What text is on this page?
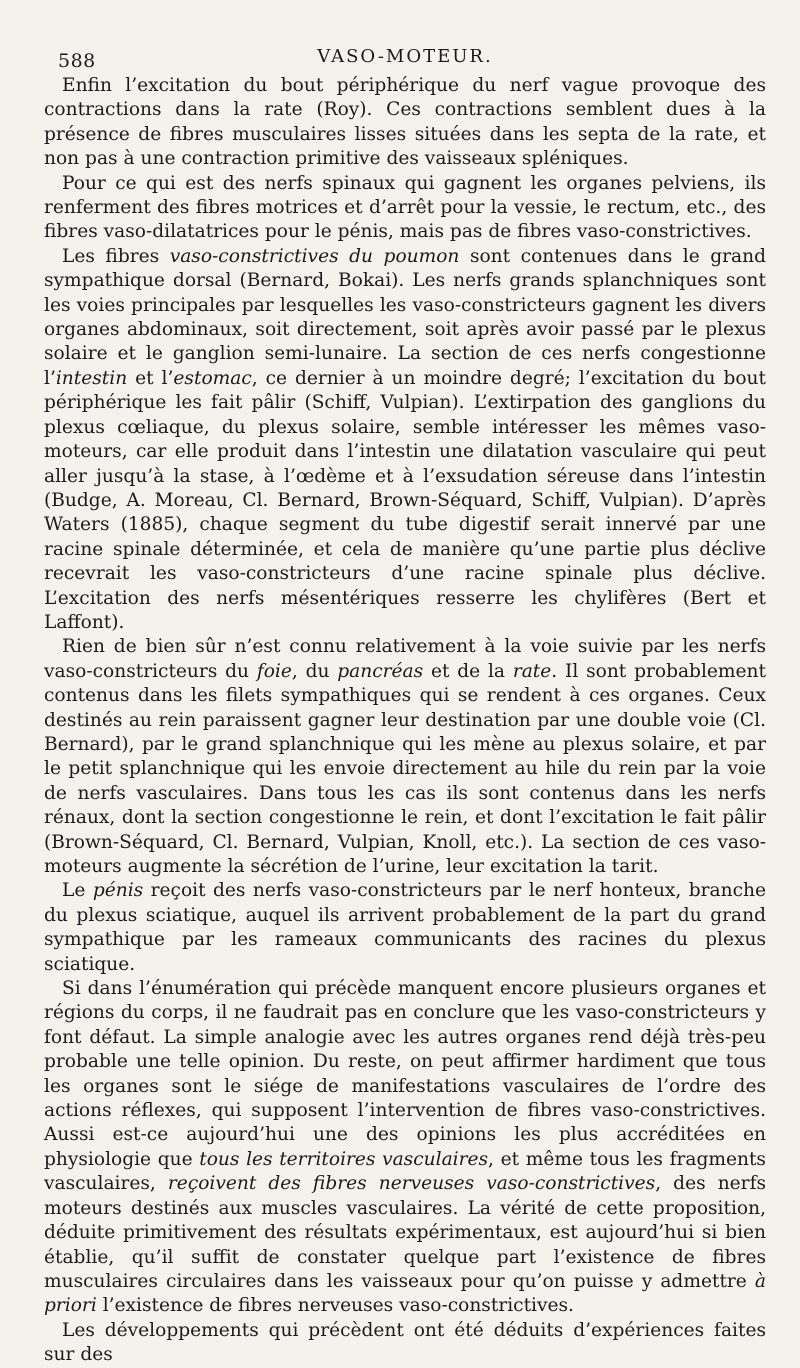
588	VASO-MOTEUR.

Enfin l’excitation du bout périphérique du nerf vague provoque des contractions dans la rate (Roy). Ces contractions semblent dues à la présence de fibres musculaires lisses situées dans les septa de la rate, et non pas à une contraction primitive des vaisseaux spléniques.

Pour ce qui est des nerfs spinaux qui gagnent les organes pelviens, ils renferment des fibres motrices et d’arrêt pour la vessie, le rectum, etc., des fibres vaso-dilatatrices pour le pénis, mais pas de fibres vaso-constrictives.

Les fibres vaso-constrictives du poumon sont contenues dans le grand sympathique dorsal (Bernard, Bokai). Les nerfs grands splanchniques sont les voies principales par lesquelles les vaso-constricteurs gagnent les divers organes abdominaux, soit directement, soit après avoir passé par le plexus solaire et le ganglion semi-lunaire. La section de ces nerfs congestionne l’intestin et l’estomac, ce dernier à un moindre degré; l’excitation du bout périphérique les fait pâlir (Schiff, Vulpian). L’extirpation des ganglions du plexus cœliaque, du plexus solaire, semble intéresser les mêmes vaso-moteurs, car elle produit dans l’intestin une dilatation vasculaire qui peut aller jusqu’à la stase, à l’œdème et à l’exsudation séreuse dans l’intestin (Budge, A. Moreau, Cl. Bernard, Brown-Séquard, Schiff, Vulpian). D’après Waters (1885), chaque segment du tube digestif serait innervé par une racine spinale déterminée, et cela de manière qu’une partie plus déclive recevrait les vaso-constricteurs d’une racine spinale plus déclive. L’excitation des nerfs mésentériques resserre les chylifères (Bert et Laffont).

Rien de bien sûr n’est connu relativement à la voie suivie par les nerfs vaso-constricteurs du foie, du pancréas et de la rate. Il sont probablement contenus dans les filets sympathiques qui se rendent à ces organes. Ceux destinés au rein paraissent gagner leur destination par une double voie (Cl. Bernard), par le grand splanchnique qui les mène au plexus solaire, et par le petit splanchnique qui les envoie directement au hile du rein par la voie de nerfs vasculaires. Dans tous les cas ils sont contenus dans les nerfs rénaux, dont la section congestionne le rein, et dont l’excitation le fait pâlir (Brown-Séquard, Cl. Bernard, Vulpian, Knoll, etc.). La section de ces vaso-moteurs augmente la sécrétion de l’urine, leur excitation la tarit.

Le pénis reçoit des nerfs vaso-constricteurs par le nerf honteux, branche du plexus sciatique, auquel ils arrivent probablement de la part du grand sympathique par les rameaux communicants des racines du plexus sciatique.

Si dans l’énumération qui précède manquent encore plusieurs organes et régions du corps, il ne faudrait pas en conclure que les vaso-constricteurs y font défaut. La simple analogie avec les autres organes rend déjà très-peu probable une telle opinion. Du reste, on peut affirmer hardiment que tous les organes sont le siége de manifestations vasculaires de l’ordre des actions réflexes, qui supposent l’intervention de fibres vaso-constrictives. Aussi est-ce aujourd’hui une des opinions les plus accréditées en physiologie que tous les territoires vasculaires, et même tous les fragments vasculaires, reçoivent des fibres nerveuses vaso-constrictives, des nerfs moteurs destinés aux muscles vasculaires. La vérité de cette proposition, déduite primitivement des résultats expérimentaux, est aujourd’hui si bien établie, qu’il suffit de constater quelque part l’existence de fibres musculaires circulaires dans les vaisseaux pour qu’on puisse y admettre à priori l’existence de fibres nerveuses vaso-constrictives.

Les développements qui précèdent ont été déduits d’expériences faites sur des
